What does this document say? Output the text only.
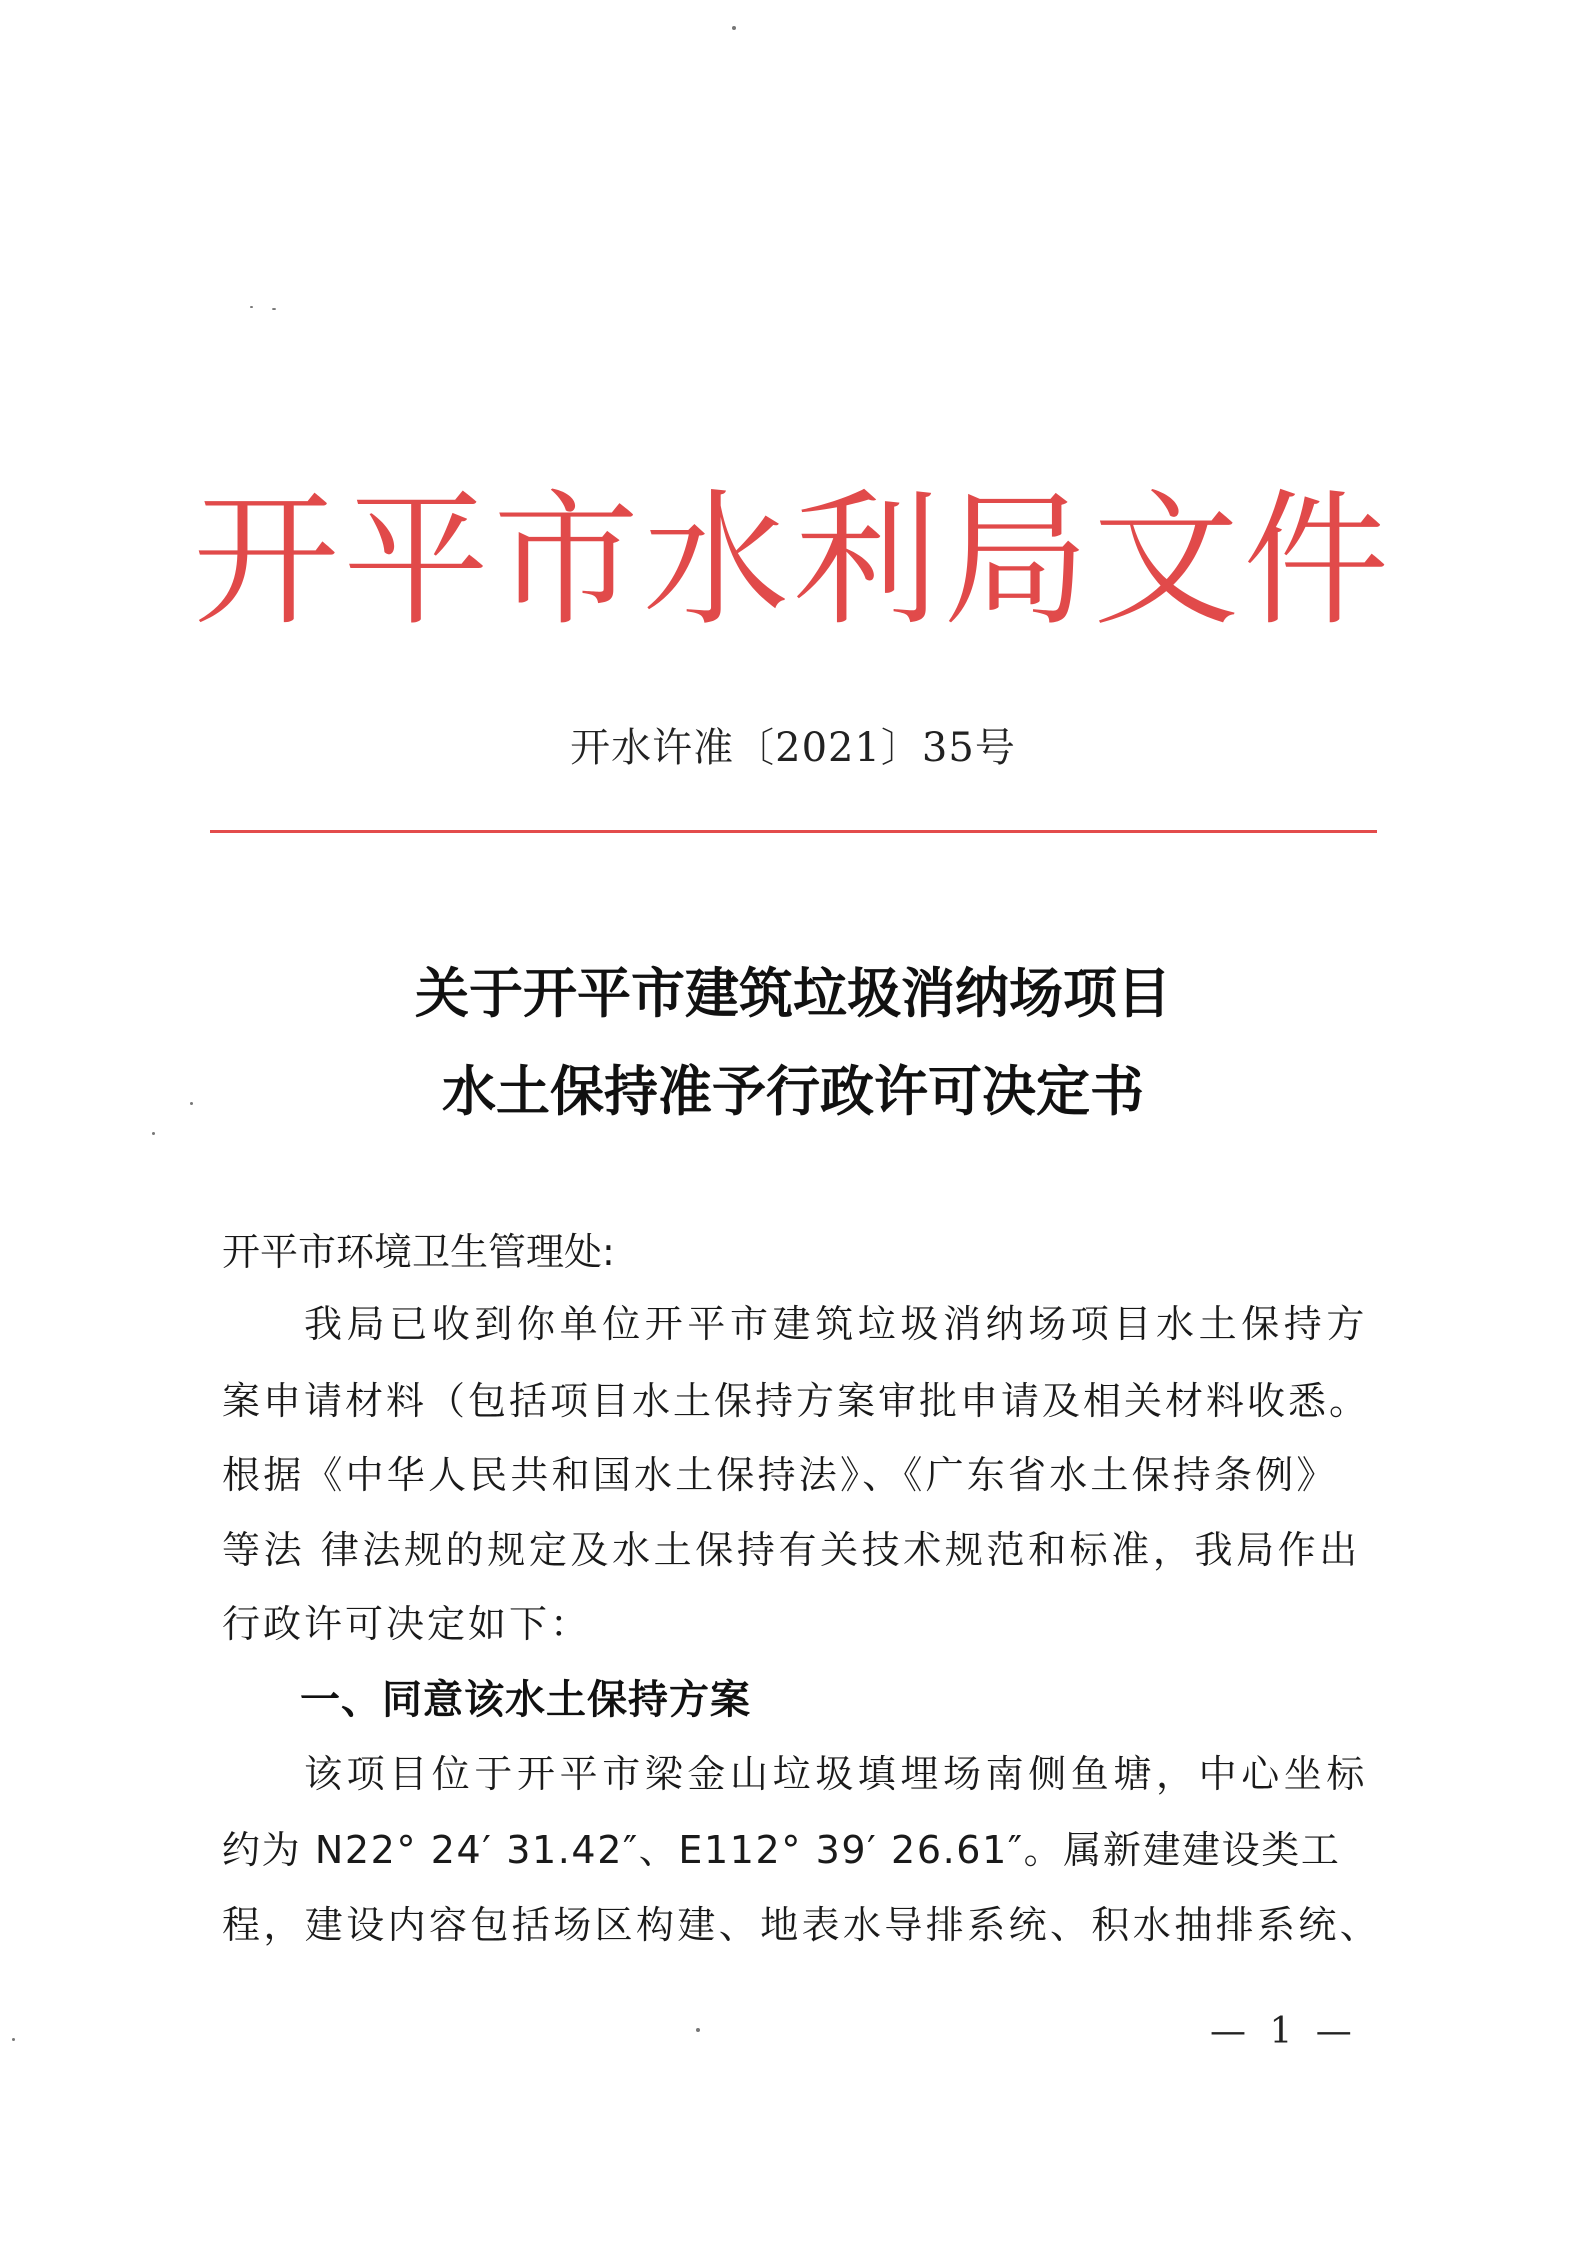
开平市水利局文件
开水许准〔2021〕35号
关于开平市建筑垃圾消纳场项目
水土保持准予行政许可决定书
开平市环境卫生管理处:
我局已收到你单位开平市建筑垃圾消纳场项目水土保持方
案申请材料（包括项目水土保持方案审批申请及相关材料收悉。
根据《中华人民共和国水土保持法》、《广东省水土保持条例》
等法 律法规的规定及水土保持有关技术规范和标准，我局作出
行政许可决定如下：
一、同意该水土保持方案
该项目位于开平市梁金山垃圾填埋场南侧鱼塘，中心坐标
约为 N22° 24′ 31.42″、E112° 39′ 26.61″。属新建建设类工
程，建设内容包括场区构建、地表水导排系统、积水抽排系统、
— 1 —
